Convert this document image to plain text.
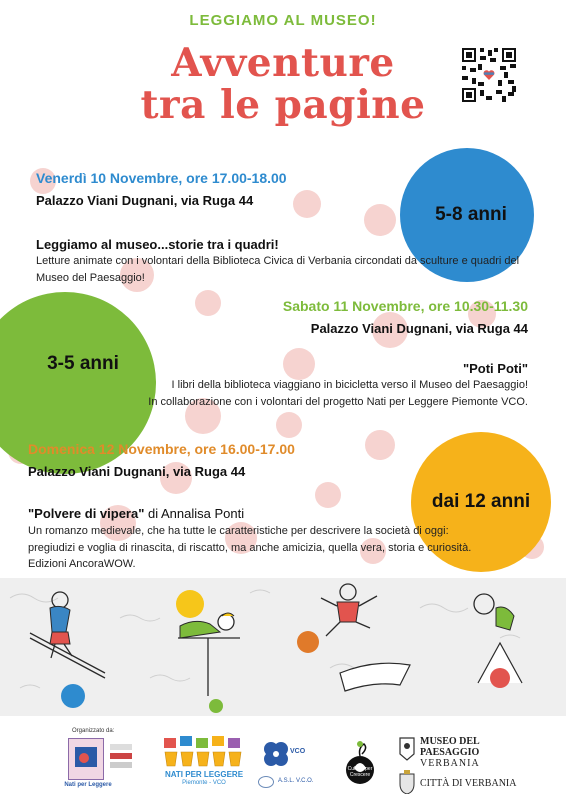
LEGGIAMO AL MUSEO!
Avventure
tra le pagine
5-8 anni
3-5 anni
dai 12 anni
Venerdì 10 Novembre, ore 17.00-18.00
Palazzo Viani Dugnani, via Ruga 44
Leggiamo al museo...storie tra i quadri!
Letture animate con i volontari della Biblioteca Civica di Verbania circondati da sculture e quadri del
Museo del Paesaggio!
Sabato 11 Novembre, ore 10.30-11.30
Palazzo Viani Dugnani, via Ruga 44
"Poti Poti"
I libri della biblioteca viaggiano in bicicletta verso il Museo del Paesaggio!
In collaborazione con i volontari del progetto Nati per Leggere Piemonte VCO.
Domenica 12 Novembre, ore 16.00-17.00
Palazzo Viani Dugnani, via Ruga 44
"Polvere di vipera" di Annalisa Ponti
Un romanzo medievale, che ha tutte le caratteristiche per descrivere la società di oggi:
pregiudizi e voglia di rinascita, di riscatto, ma anche amicizia, quella vera, storia e curiosità.
Edizioni AncoraWOW.
Organizzato da:
Nati per Leggere
NATI PER LEGGERE
Piemonte - VCO
VCO
A.S.L. V.C.O.
Cultura per Crescere
MUSEO DEL
PAESAGGIO
VERBANIA
CITTÀ DI VERBANIA
